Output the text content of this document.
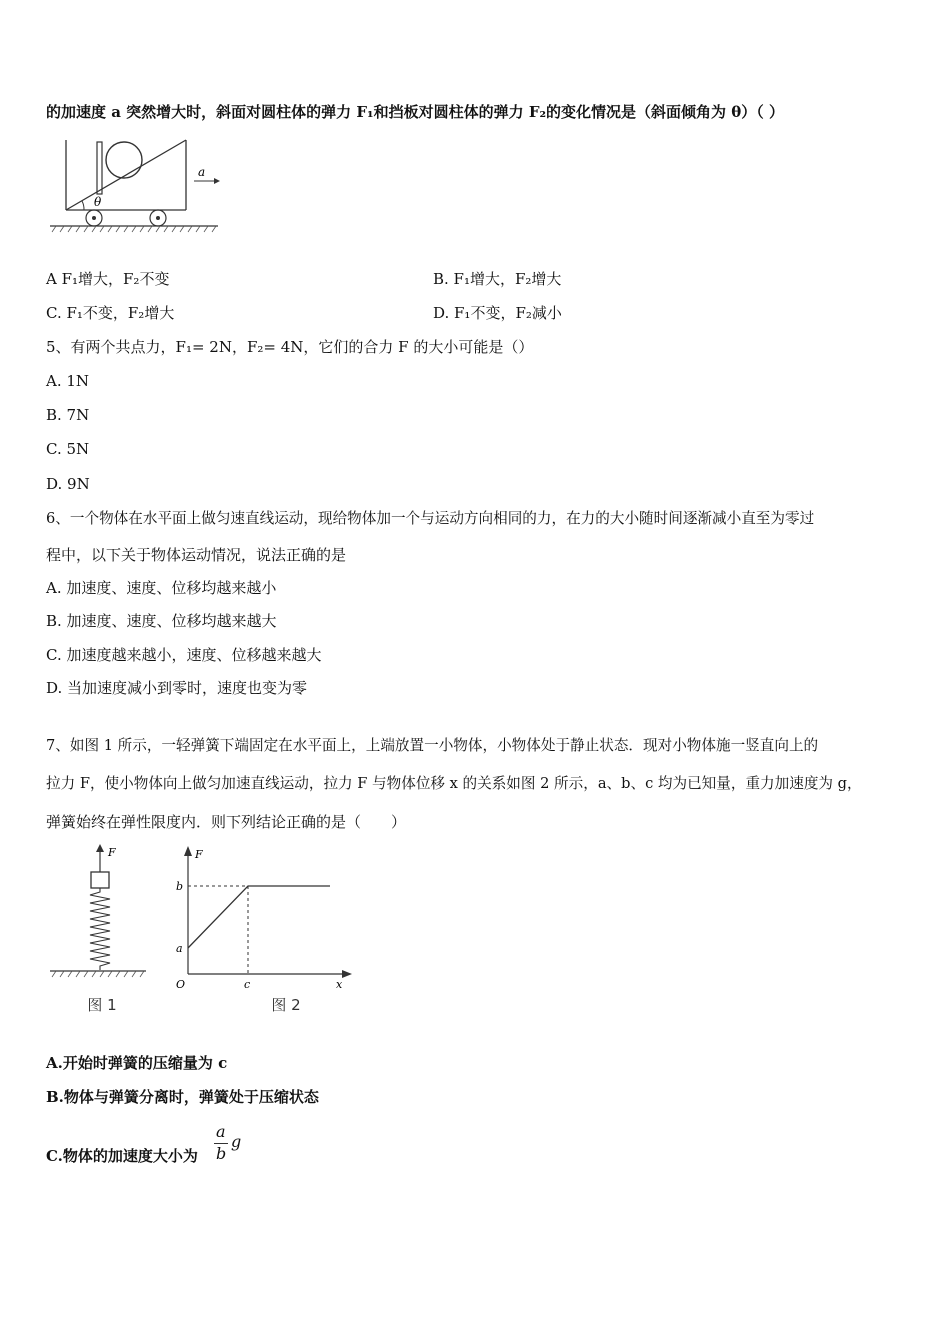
的加速度 a 突然增大时，斜面对圆柱体的弹力 F₁和挡板对圆柱体的弹力 F₂的变化情况是（斜面倾角为 θ）（ ）
θ
a
A F₁增大，F₂不变	B. F₁增大，F₂增大
C. F₁不变，F₂增大	D. F₁不变，F₂减小
5、有两个共点力，F₁= 2N，F₂= 4N，它们的合力 F 的大小可能是（）
A. 1N
B. 7N
C. 5N
D. 9N
6、一个物体在水平面上做匀速直线运动，现给物体加一个与运动方向相同的力，在力的大小随时间逐渐减小直至为零过
程中，以下关于物体运动情况，说法正确的是
A. 加速度、速度、位移均越来越小
B. 加速度、速度、位移均越来越大
C. 加速度越来越小，速度、位移越来越大
D. 当加速度减小到零时，速度也变为零
7、如图 1 所示，一轻弹簧下端固定在水平面上，上端放置一小物体，小物体处于静止状态．现对小物体施一竖直向上的
拉力 F，使小物体向上做匀加速直线运动，拉力 F 与物体位移 x 的关系如图 2 所示，a、b、c 均为已知量，重力加速度为 g，
弹簧始终在弹性限度内．则下列结论正确的是（　　）
F
图 1
F
x
O
a
b
c
图 2
A.开始时弹簧的压缩量为 c
B.物体与弹簧分离时，弹簧处于压缩状态
C.物体的加速度大小为
a
b
g
